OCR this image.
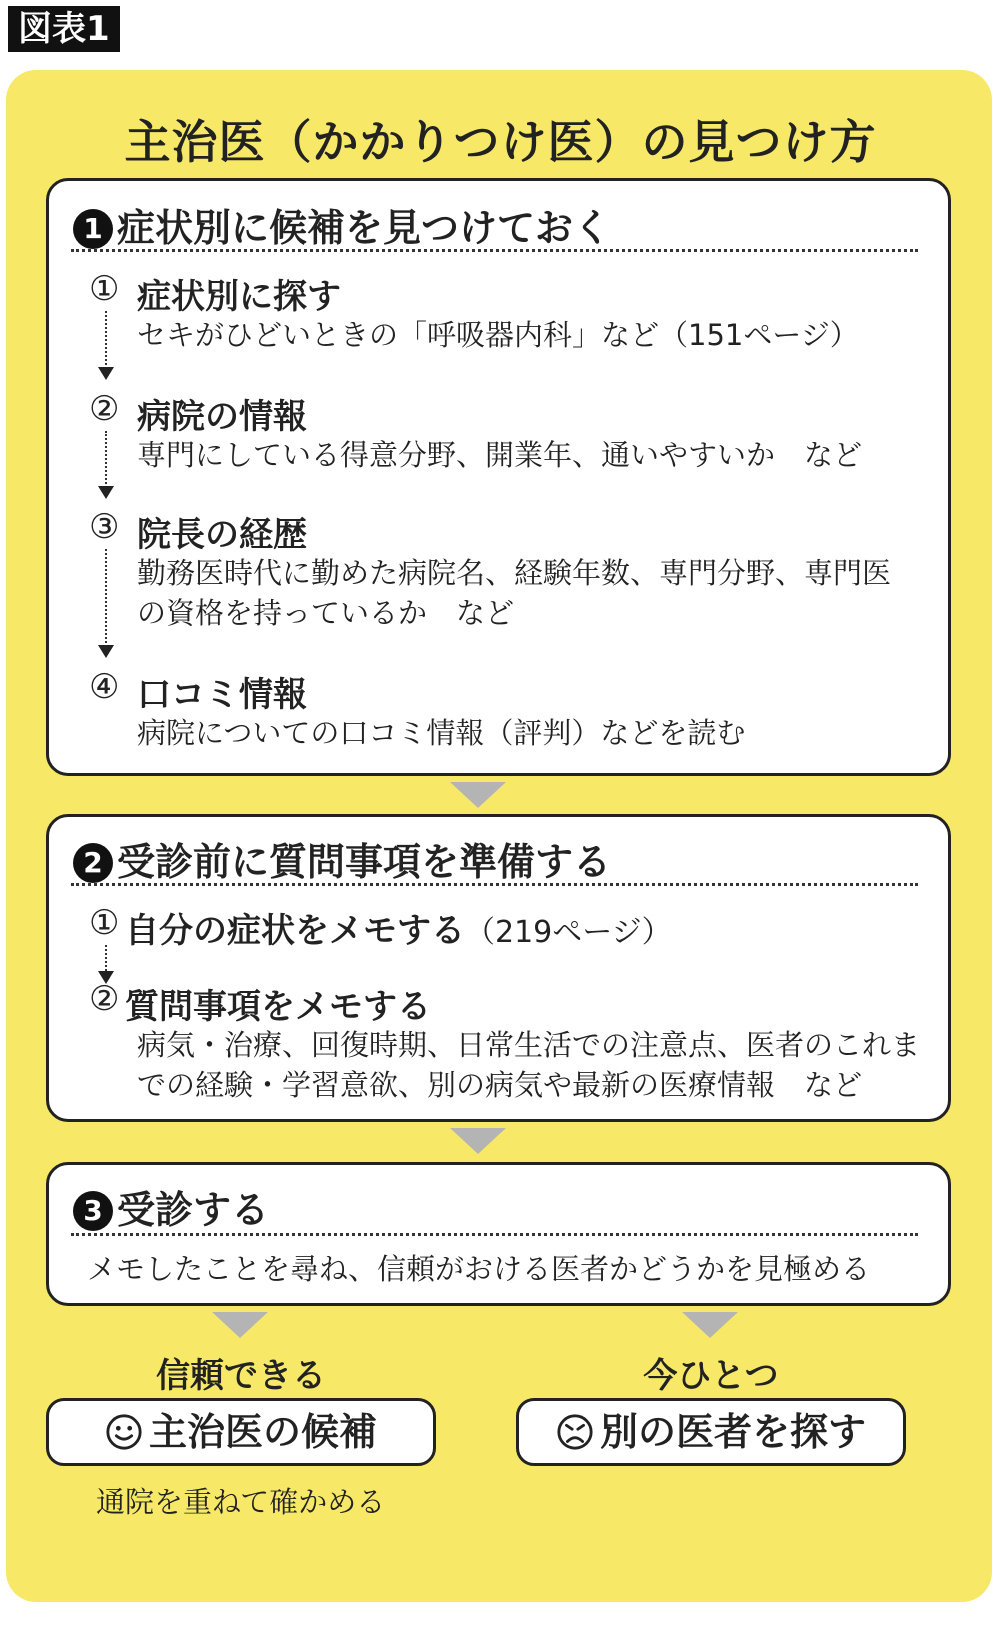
図表1
主治医（かかりつけ医）の見つけ方
1 症状別に候補を見つけておく
① 症状別に探す
セキがひどいときの「呼吸器内科」など（151ページ）
② 病院の情報
専門にしている得意分野、開業年、通いやすいか　など
③ 院長の経歴
勤務医時代に勤めた病院名、経験年数、専門分野、専門医
の資格を持っているか　など
④ 口コミ情報
病院についての口コミ情報（評判）などを読む
2 受診前に質問事項を準備する
① 自分の症状をメモする（219ページ）
② 質問事項をメモする
病気・治療、回復時期、日常生活での注意点、医者のこれま
での経験・学習意欲、別の病気や最新の医療情報　など
3 受診する
メモしたことを尋ね、信頼がおける医者かどうかを見極める
信頼できる	今ひとつ
主治医の候補	別の医者を探す
通院を重ねて確かめる
